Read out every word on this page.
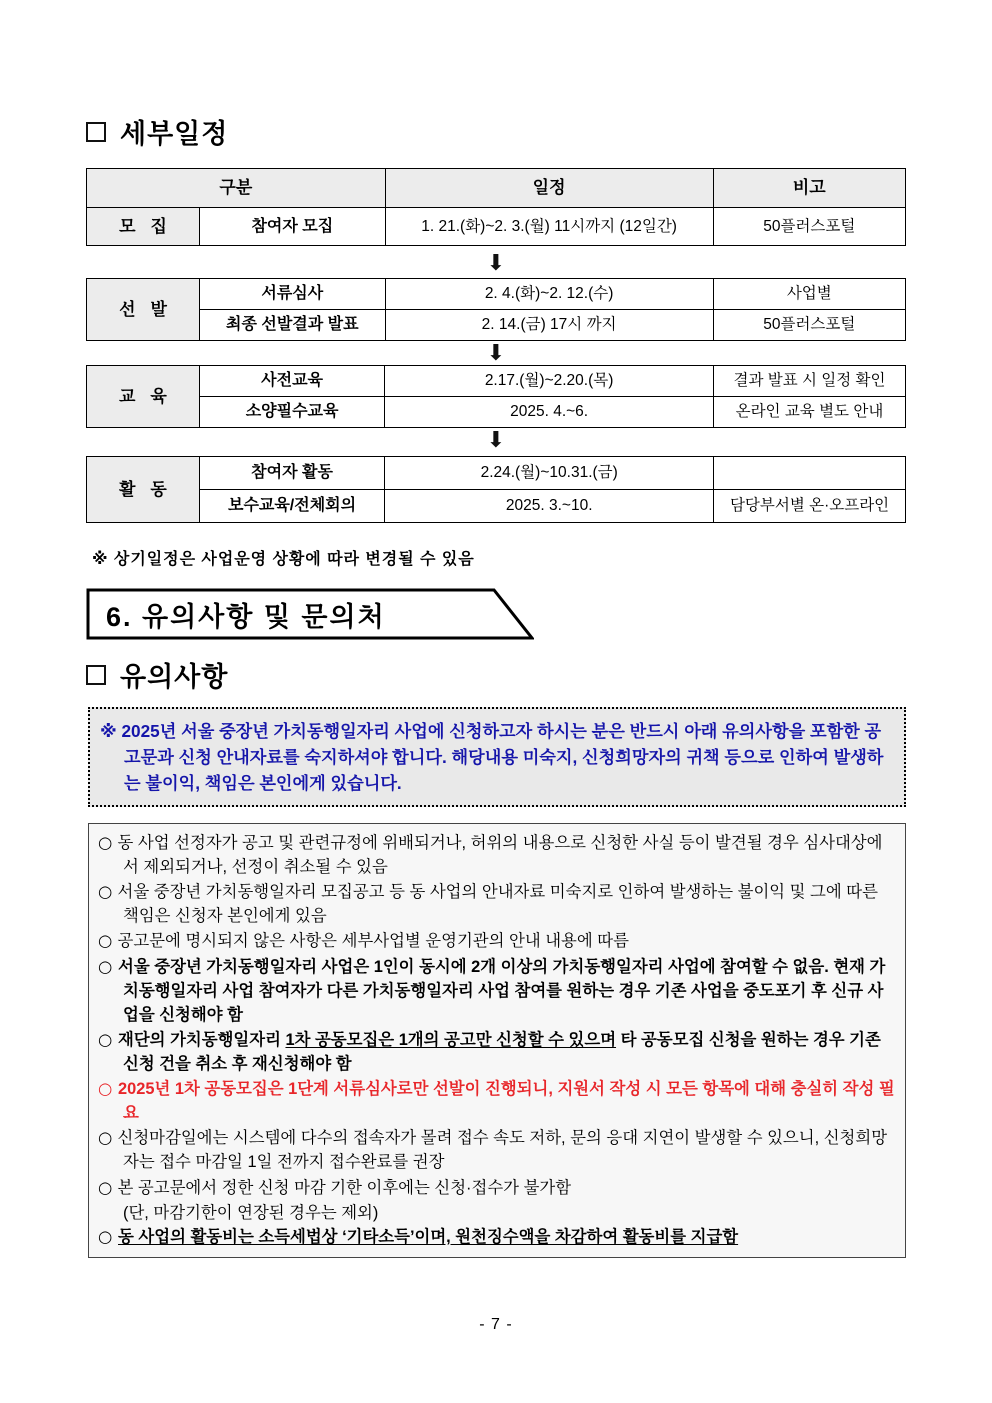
세부일정
구분		일정	비고
모 집	참여자 모집	1. 21.(화)~2. 3.(월) 11시까지 (12일간)	50플러스포털
⬇
선 발	서류심사	2. 4.(화)~2. 12.(수)	사업별
	최종 선발결과 발표	2. 14.(금) 17시 까지	50플러스포털
⬇
교 육	사전교육	2.17.(월)~2.20.(목)	결과 발표 시 일정 확인
	소양필수교육	2025. 4.~6.	온라인 교육 별도 안내
⬇
활 동	참여자 활동	2.24.(월)~10.31.(금)	
	보수교육/전체회의	2025. 3.~10.	담당부서별 온·오프라인
※ 상기일정은 사업운영 상황에 따라 변경될 수 있음
6. 유의사항 및 문의처
유의사항

※ 2025년 서울 중장년 가치동행일자리 사업에 신청하고자 하시는 분은 반드시 아래 유의사항을 포함한 공고문과 신청 안내자료를 숙지하셔야 합니다. 해당내용 미숙지, 신청희망자의 귀책 등으로 인하여 발생하는 불이익, 책임은 본인에게 있습니다.

○ 동 사업 선정자가 공고 및 관련규정에 위배되거나, 허위의 내용으로 신청한 사실 등이 발견될 경우 심사대상에서 제외되거나, 선정이 취소될 수 있음
○ 서울 중장년 가치동행일자리 모집공고 등 동 사업의 안내자료 미숙지로 인하여 발생하는 불이익 및 그에 따른 책임은 신청자 본인에게 있음
○ 공고문에 명시되지 않은 사항은 세부사업별 운영기관의 안내 내용에 따름
○ 서울 중장년 가치동행일자리 사업은 1인이 동시에 2개 이상의 가치동행일자리 사업에 참여할 수 없음. 현재 가치동행일자리 사업 참여자가 다른 가치동행일자리 사업 참여를 원하는 경우 기존 사업을 중도포기 후 신규 사업을 신청해야 함
○ 재단의 가치동행일자리 1차 공동모집은 1개의 공고만 신청할 수 있으며 타 공동모집 신청을 원하는 경우 기존 신청 건을 취소 후 재신청해야 함
○ 2025년 1차 공동모집은 1단계 서류심사로만 선발이 진행되니, 지원서 작성 시 모든 항목에 대해 충실히 작성 필요
○ 신청마감일에는 시스템에 다수의 접속자가 몰려 접수 속도 저하, 문의 응대 지연이 발생할 수 있으니, 신청희망자는 접수 마감일 1일 전까지 접수완료를 권장
○ 본 공고문에서 정한 신청 마감 기한 이후에는 신청·접수가 불가함
(단, 마감기한이 연장된 경우는 제외)
○ 동 사업의 활동비는 소득세법상 ‘기타소득’이며, 원천징수액을 차감하여 활동비를 지급함
- 7 -
